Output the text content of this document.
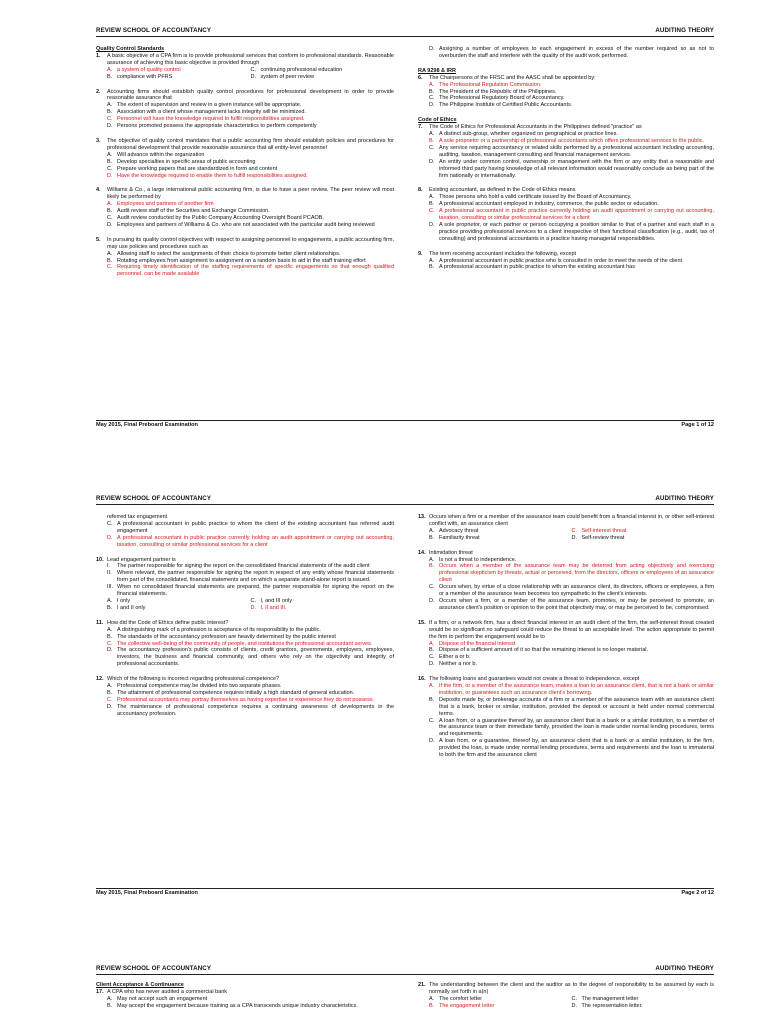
REVIEW SCHOOL OF ACCOUNTANCY	AUDITING THEORY
Quality Control Standards
1.	A basic objective of a CPA firm is to provide professional services that conform to professional standards. Reasonable assurance of achieving this basic objective is provided through
A. a system of quality control	C. continuing professional education
B. compliance with PFRS	D. system of peer review
2.	Accounting firms should establish quality control procedures for professional development in order to provide reasonable assurance that
A. The extent of supervision and review in a given instance will be appropriate.
B. Association with a client whose management lacks integrity will be minimized.
C. Personnel will have the knowledge required to fulfill responsibilities assigned.
D. Persons promoted possess the appropriate characteristics to perform competently
3.	The objective of quality control mandates that a public accounting firm should establish policies and procedures for professional development that provide reasonable assurance that all entity-level personnel
A. Will advance within the organization
B. Develop specialties in specific areas of public accounting
C. Prepare working papers that are standardized in form and content
D. Have the knowledge required to enable them to fulfill responsibilities assigned.
4.	Williams & Co., a large international public accounting firm, is due to have a peer review. The peer review will most likely be performed by
A. Employees and partners of another firm
B. Audit review staff of the Securities and Exchange Commission.
C. Audit review conducted by the Public Company Accounting Oversight Board PCAOB.
D. Employees and partners of Williams & Co. who are not associated with the particular audit being reviewed
5.	In pursuing its quality control objectives with respect to assigning personnel to engagements, a public accounting firm, may use policies and procedures such as
A. Allowing staff to select the assignments of their choice to promote better client relationships.
B. Rotating employees from assignment to assignment on a random basis to aid in the staff training effort
C. Requiring timely identification of the staffing requirements of specific engagements so that enough qualified personnel, can be made available
D. Assigning a number of employees to each engagement in excess of the number required so as not to overburden the staff and interfere with the quality of the audit work performed.
RA 9298 & IRR
6.	The Chairpersons of the FRSC and the AASC shall be appointed by:
A. The Professional Regulation Commission.
B. The President of the Republic of the Philippines.
C. The Professional Regulatory Board of Accountancy.
D. The Philippine Institute of Certified Public Accountants.
Code of Ethics
7.	The Code of Ethics for Professional Accountants in the Philippines defined "practice" as
A. A distinct sub-group, whether organized on geographical or practice lines.
B. A sole proprietor or a partnership of professional accountants which offers professional services to the public.
C. Any service requiring accountancy or related skills performed by a professional accountant including accounting, auditing, taxation, management consulting and financial management services.
D. An entity under common control, ownership or management with the firm or any entity that a reasonable and informed third party having knowledge of all relevant information would reasonably conclude as being part of the firm nationally or internationally.
8.	Existing accountant, as defined in the Code of Ethics means
A. Those persons who hold a valid certificate issued by the Board of Accountancy.
B. A professional accountant employed in industry, commerce, the public sector or education.
C. A professional accountant in public practice currently holding an audit appointment or carrying out accounting, taxation, consulting or similar professional services for a client
D. A sole proprietor, or each partner or person occupying a position similar to that of a partner and each staff in a practice providing professional services to a client irrespective of their functional classification (e.g., audit, tax of consulting) and professional accountants in a practice having managerial responsibilities.
9.	The term receiving accountant includes the following, except
A. A professional accountant in public practice who is consulted in order to meet the needs of the client
B. A professional accountant in public practice to whom the existing accountant has
May 2015, Final Preboard Examination	Page 1 of 12
REVIEW SCHOOL OF ACCOUNTANCY	AUDITING THEORY
referred tax engagement
C. A professional accountant in public practice to whom the client of the existing accountant has referred audit engagement
D. A professional accountant in public practice currently holding an audit appointment or carrying out accounting, taxation, consulting or similar professional services for a client
10. Lead engagement partner is
I.	The partner responsible for signing the report on the consolidated financial statements of the audit client
II. Where relevant, the partner responsible for signing the report in respect of any entity whose financial statements form part of the consolidated, financial statements and on which a separate stand-alone report is issued.
III. When no consolidated financial statements are prepared, the partner responsible for signing the report on the financial statements.
A. I only	C. I, and III only
B. I and II only	D. I, II and III.
11. How did the Code of Ethics define public interest?
A. A distinguishing mark of a profession is acceptance of its responsibility to the public.
B. The standards of the accountancy profession are heavily determined by the public interest
C. The collective well-being of the community of people, and institutions the professional accountant serves.
D. The accountancy profession's public consists of clients, credit grantors, governments, employers, employees, investors, the business and financial community, and others who rely on the objectivity and integrity of professional accountants.
12. Which of the following is incorrect regarding professional competence?
A. Professional competence may be divided into two separate phases.
B. The attainment of professional competence requires initially a high standard of general education.
C. Professional accountants may portray themselves as having expertise or experience they do not possess.
D. The maintenance of professional competence requires a continuing awareness of developments in the accountancy profession.
13. Occurs when a firm or a member of the assurance team could benefit from a financial interest in, or other self-interest conflict with, an assurance client
A. Advocacy threat	C. Self-interest threat
B. Familiarity threat	D. Self-review threat
14. Intimidation threat
A. Is not a threat to independence.
B. Occurs when a member of the assurance team may be deterred from acting objectively and exercising professional skepticism by threats, actual or perceived, from the directors, officers or employees of an assurance client
C. Occurs when, by virtue of a close relationship with an assurance client, its directors, officers or employees, a firm or a member of the assurance team becomes too sympathetic to the client's interests.
D. Occurs when a firm, or a member of the assurance team, promotes, or may be perceived to promote, an assurance client's position or opinion to the point that objectivity may, or may be perceived to be, compromised.
15. If a firm, or a network firm, has a direct financial interest in an audit client of the firm, the self-interest threat created would be so significant no safeguard could reduce the threat to an acceptable level. The action appropriate to permit the firm to perform the engagement would be to
A. Dispose of the financial interest
B. Dispose of a sufficient amount of it so that the remaining interest is no longer material.
C. Either a or b.
D. Neither a nor b.
16. The following loans and guarantees would not create a threat to independence, except
A. If the firm, or a member of the assurance team, makes a loan to an assurance client, that is not a bank or similar institution, or guarantees such an assurance client's borrowing.
B. Deposits made by, or brokerage accounts of a firm or a member of the assurance team with an assurance client that is a bank, broker or similar, institution, provided the deposit or account is held under normal commercial terms.
C. A loan from, or a guarantee thereof by, an assurance client that is a bank or a similar institution, to a member of the assurance team or their immediate family, provided the loan is made under normal lending procedures, terms and requirements.
D. A loan from, or a guarantee, thereof by, an assurance client that is a bank or a similar institution, to the firm, provided the loan, is made under normal lending procedures, terms and requirements and the loan is immaterial to both the firm and the assurance client
May 2015, Final Preboard Examination	Page 2 of 12
REVIEW SCHOOL OF ACCOUNTANCY	AUDITING THEORY
Client Acceptance & Continuance
17. A CPA who has never audited a commercial bank
A. May not accept such an engagement
B. May accept the engagement because training as a CPA transcends unique industry characteristics.
21. The understanding between the client and the auditor as to the degree of responsibility to be assumed by each is normally set forth in a(n)
A. The comfort letter	C. The management letter
B. The engagement letter	D. The representation letter.
